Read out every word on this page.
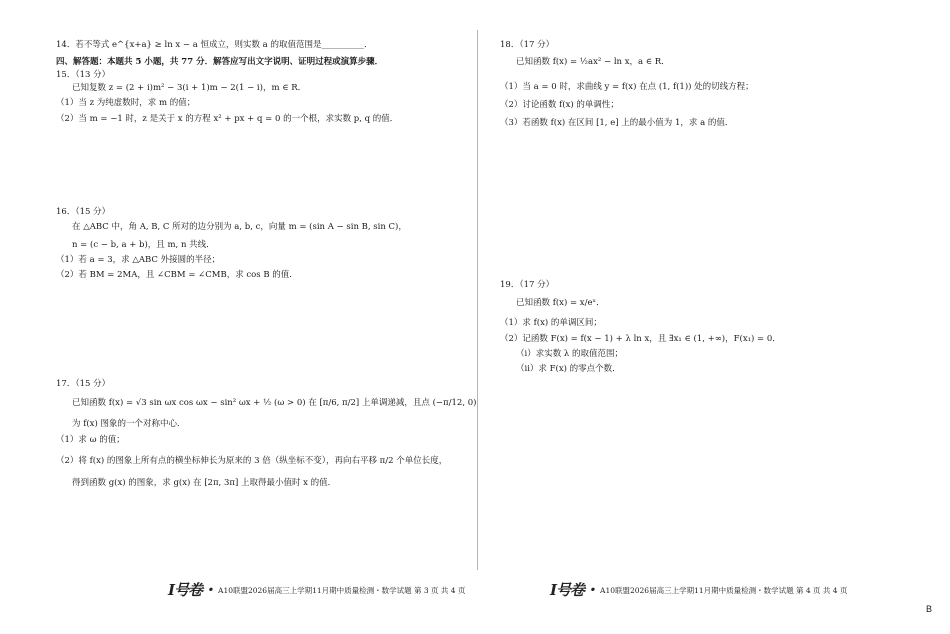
14．若不等式 e^{x+a} ≥ ln x − a 恒成立，则实数 a 的取值范围是__________．
四、解答题：本题共 5 小题，共 77 分．解答应写出文字说明、证明过程或演算步骤．
15．（13 分）
已知复数 z = (2 + i)m² − 3(i + 1)m − 2(1 − i)，m ∈ R．
（1）当 z 为纯虚数时，求 m 的值；
（2）当 m = −1 时，z 是关于 x 的方程 x² + px + q = 0 的一个根，求实数 p, q 的值．
16．（15 分）
在 △ABC 中，角 A, B, C 所对的边分别为 a, b, c，向量 m = (sin A − sin B, sin C)，
n = (c − b, a + b)，且 m, n 共线．
（1）若 a = 3，求 △ABC 外接圆的半径；
（2）若 BM = 2MA，且 ∠CBM = ∠CMB，求 cos B 的值．
17．（15 分）
已知函数 f(x) = √3 sin ωx cos ωx − sin² ωx + ½ (ω > 0) 在 [π/6, π/2] 上单调递减，且点 (−π/12, 0)
为 f(x) 图象的一个对称中心．
（1）求 ω 的值；
（2）将 f(x) 的图象上所有点的横坐标伸长为原来的 3 倍（纵坐标不变），再向右平移 π/2 个单位长度，
得到函数 g(x) 的图象，求 g(x) 在 [2π, 3π] 上取得最小值时 x 的值．
Ⅰ号卷・ A10联盟2026届高三上学期11月期中质量检测・数学试题 第 3 页 共 4 页
18．（17 分）
已知函数 f(x) = ½ax² − ln x，a ∈ R．
（1）当 a = 0 时，求曲线 y = f(x) 在点 (1, f(1)) 处的切线方程；
（2）讨论函数 f(x) 的单调性；
（3）若函数 f(x) 在区间 [1, e] 上的最小值为 1，求 a 的值．
19．（17 分）
已知函数 f(x) = x/eˣ．
（1）求 f(x) 的单调区间；
（2）记函数 F(x) = f(x − 1) + λ ln x，且 ∃x₁ ∈ (1, +∞)，F(x₁) = 0．
（i）求实数 λ 的取值范围；
（ii）求 F(x) 的零点个数．
Ⅰ号卷・ A10联盟2026届高三上学期11月期中质量检测・数学试题 第 4 页 共 4 页
B
